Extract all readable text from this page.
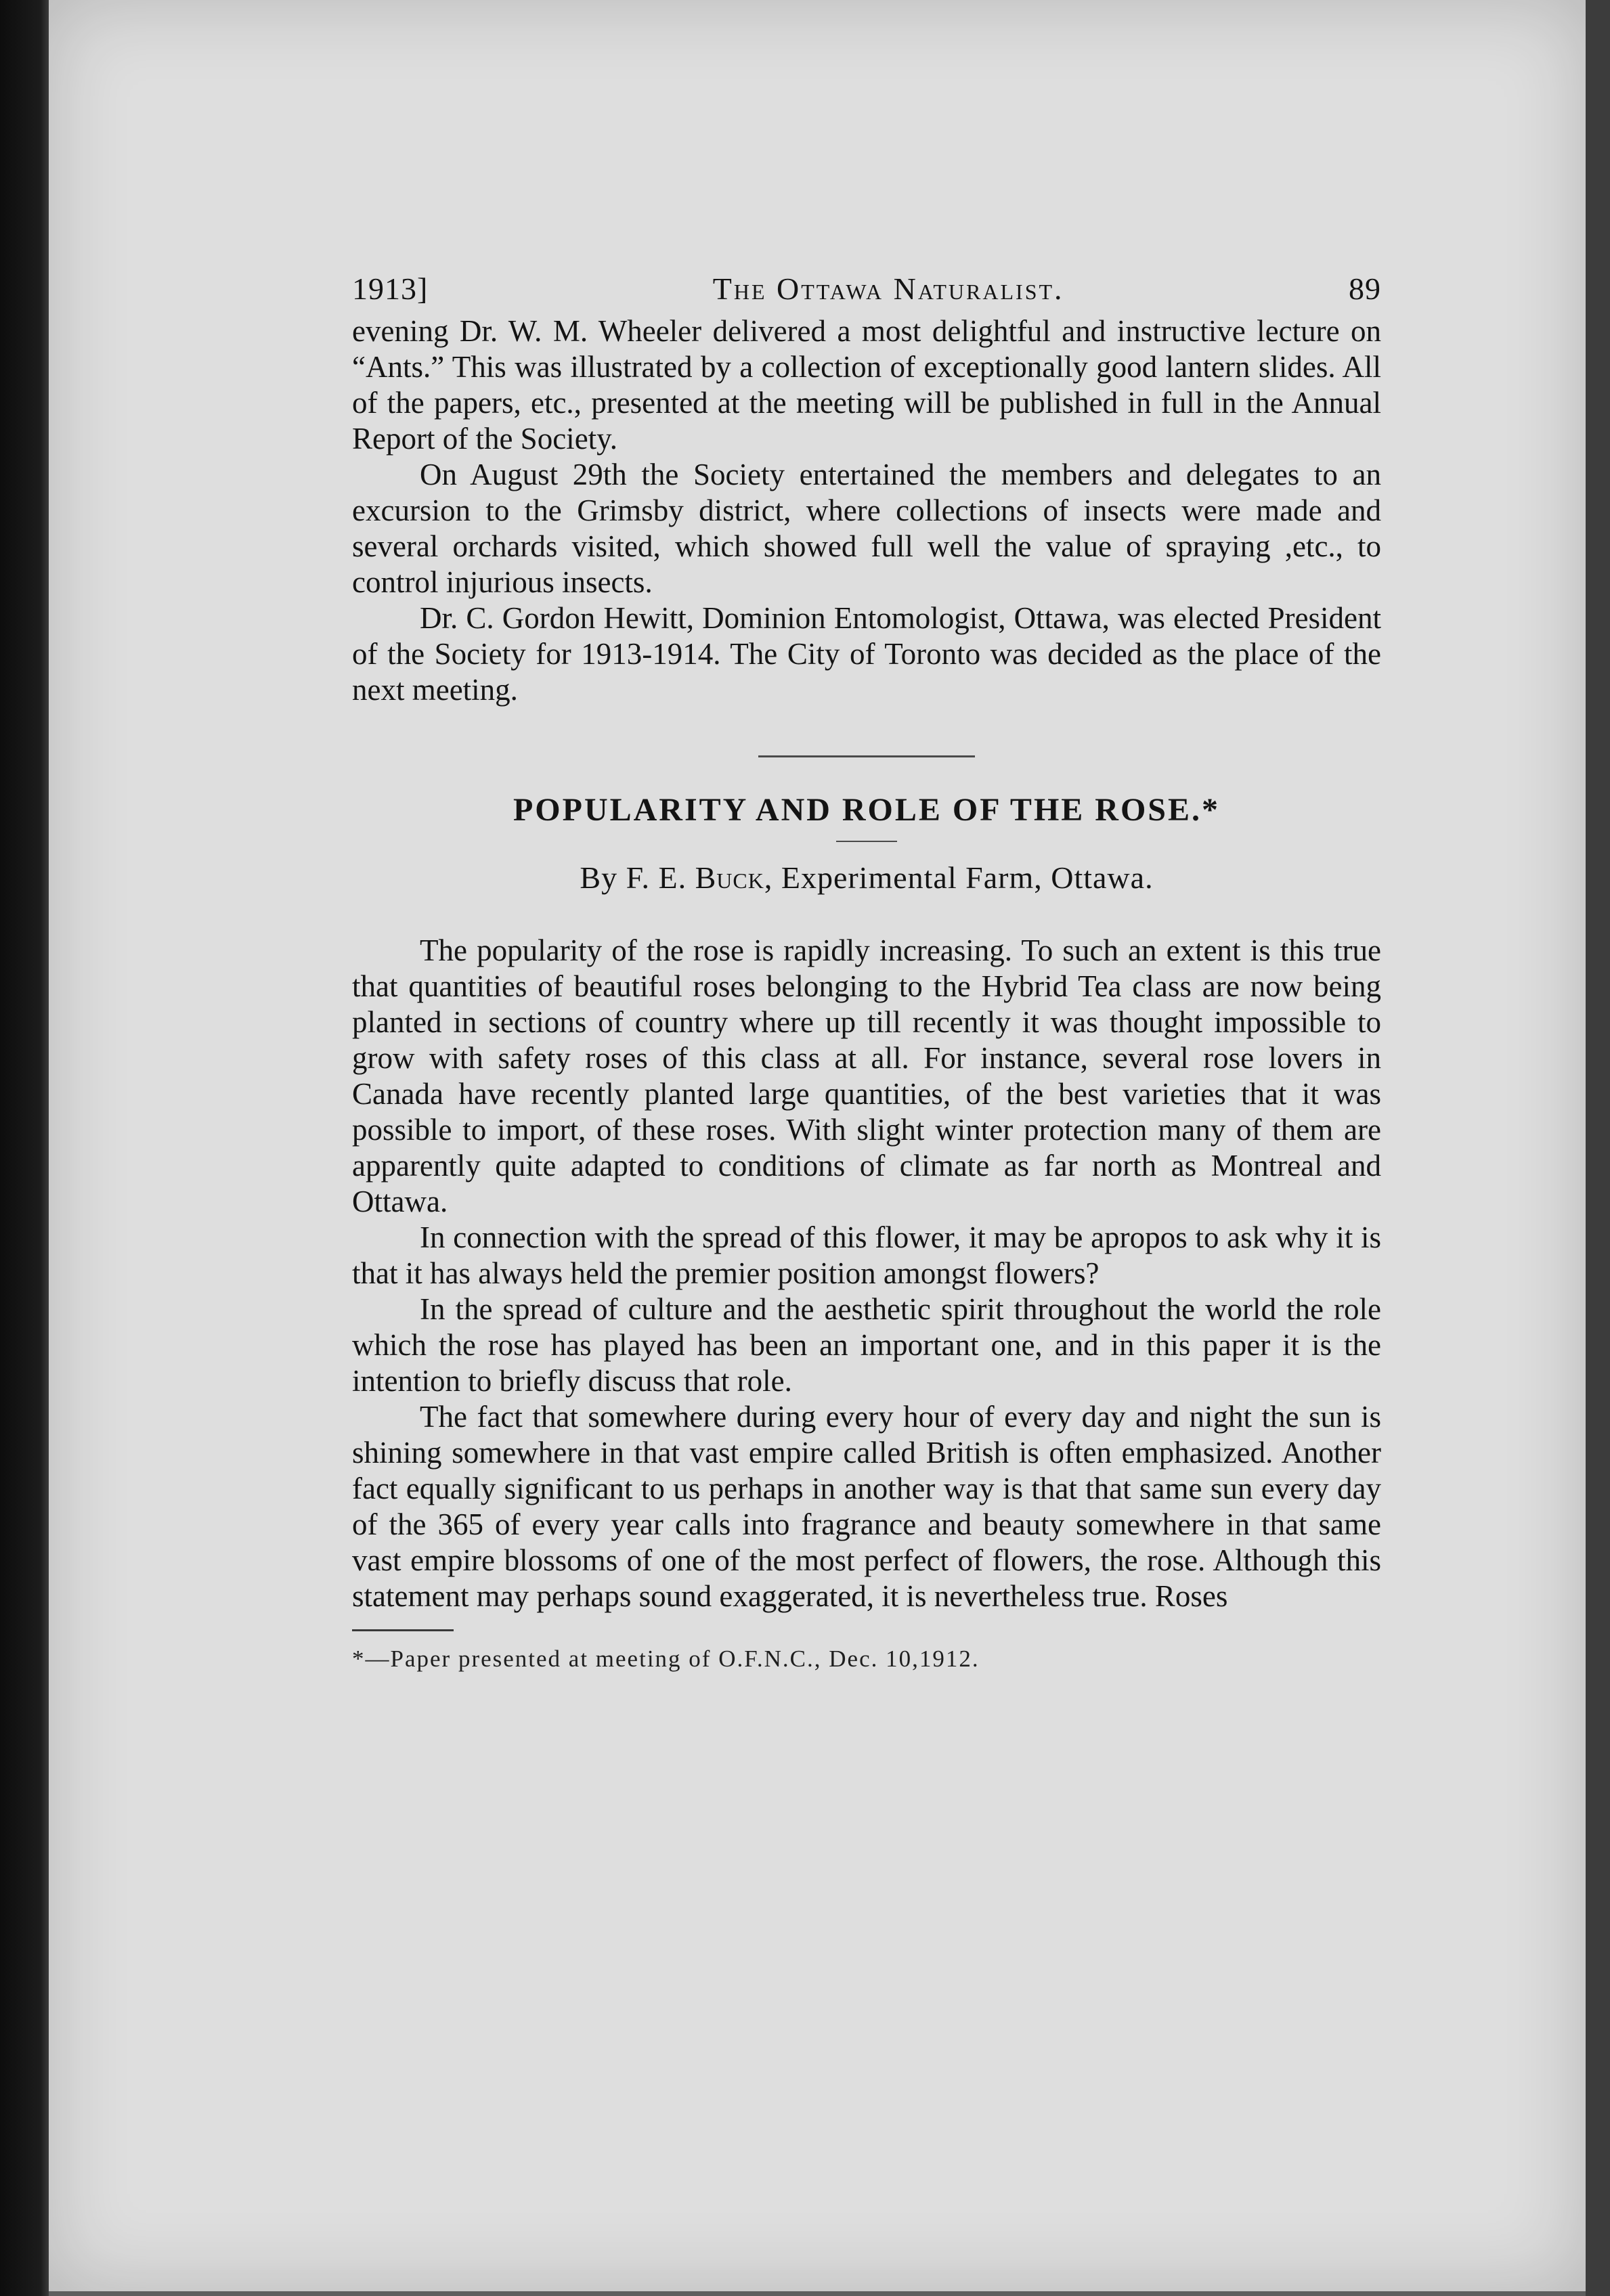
1913]	The Ottawa Naturalist.	89

evening Dr. W. M. Wheeler delivered a most delightful and instructive lecture on “Ants.” This was illustrated by a collection of exceptionally good lantern slides. All of the papers, etc., presented at the meeting will be published in full in the Annual Report of the Society.

On August 29th the Society entertained the members and delegates to an excursion to the Grimsby district, where collections of insects were made and several orchards visited, which showed full well the value of spraying ,etc., to control injurious insects.

Dr. C. Gordon Hewitt, Dominion Entomologist, Ottawa, was elected President of the Society for 1913-1914. The City of Toronto was decided as the place of the next meeting.

POPULARITY AND ROLE OF THE ROSE.*
By F. E. Buck, Experimental Farm, Ottawa.

The popularity of the rose is rapidly increasing. To such an extent is this true that quantities of beautiful roses belonging to the Hybrid Tea class are now being planted in sections of country where up till recently it was thought impossible to grow with safety roses of this class at all. For instance, several rose lovers in Canada have recently planted large quantities, of the best varieties that it was possible to import, of these roses. With slight winter protection many of them are apparently quite adapted to conditions of climate as far north as Montreal and Ottawa.

In connection with the spread of this flower, it may be apropos to ask why it is that it has always held the premier position amongst flowers?

In the spread of culture and the aesthetic spirit throughout the world the role which the rose has played has been an important one, and in this paper it is the intention to briefly discuss that role.

The fact that somewhere during every hour of every day and night the sun is shining somewhere in that vast empire called British is often emphasized. Another fact equally significant to us perhaps in another way is that that same sun every day of the 365 of every year calls into fragrance and beauty somewhere in that same vast empire blossoms of one of the most perfect of flowers, the rose. Although this statement may perhaps sound exaggerated, it is nevertheless true. Roses

*—Paper presented at meeting of O.F.N.C., Dec. 10,1912.
